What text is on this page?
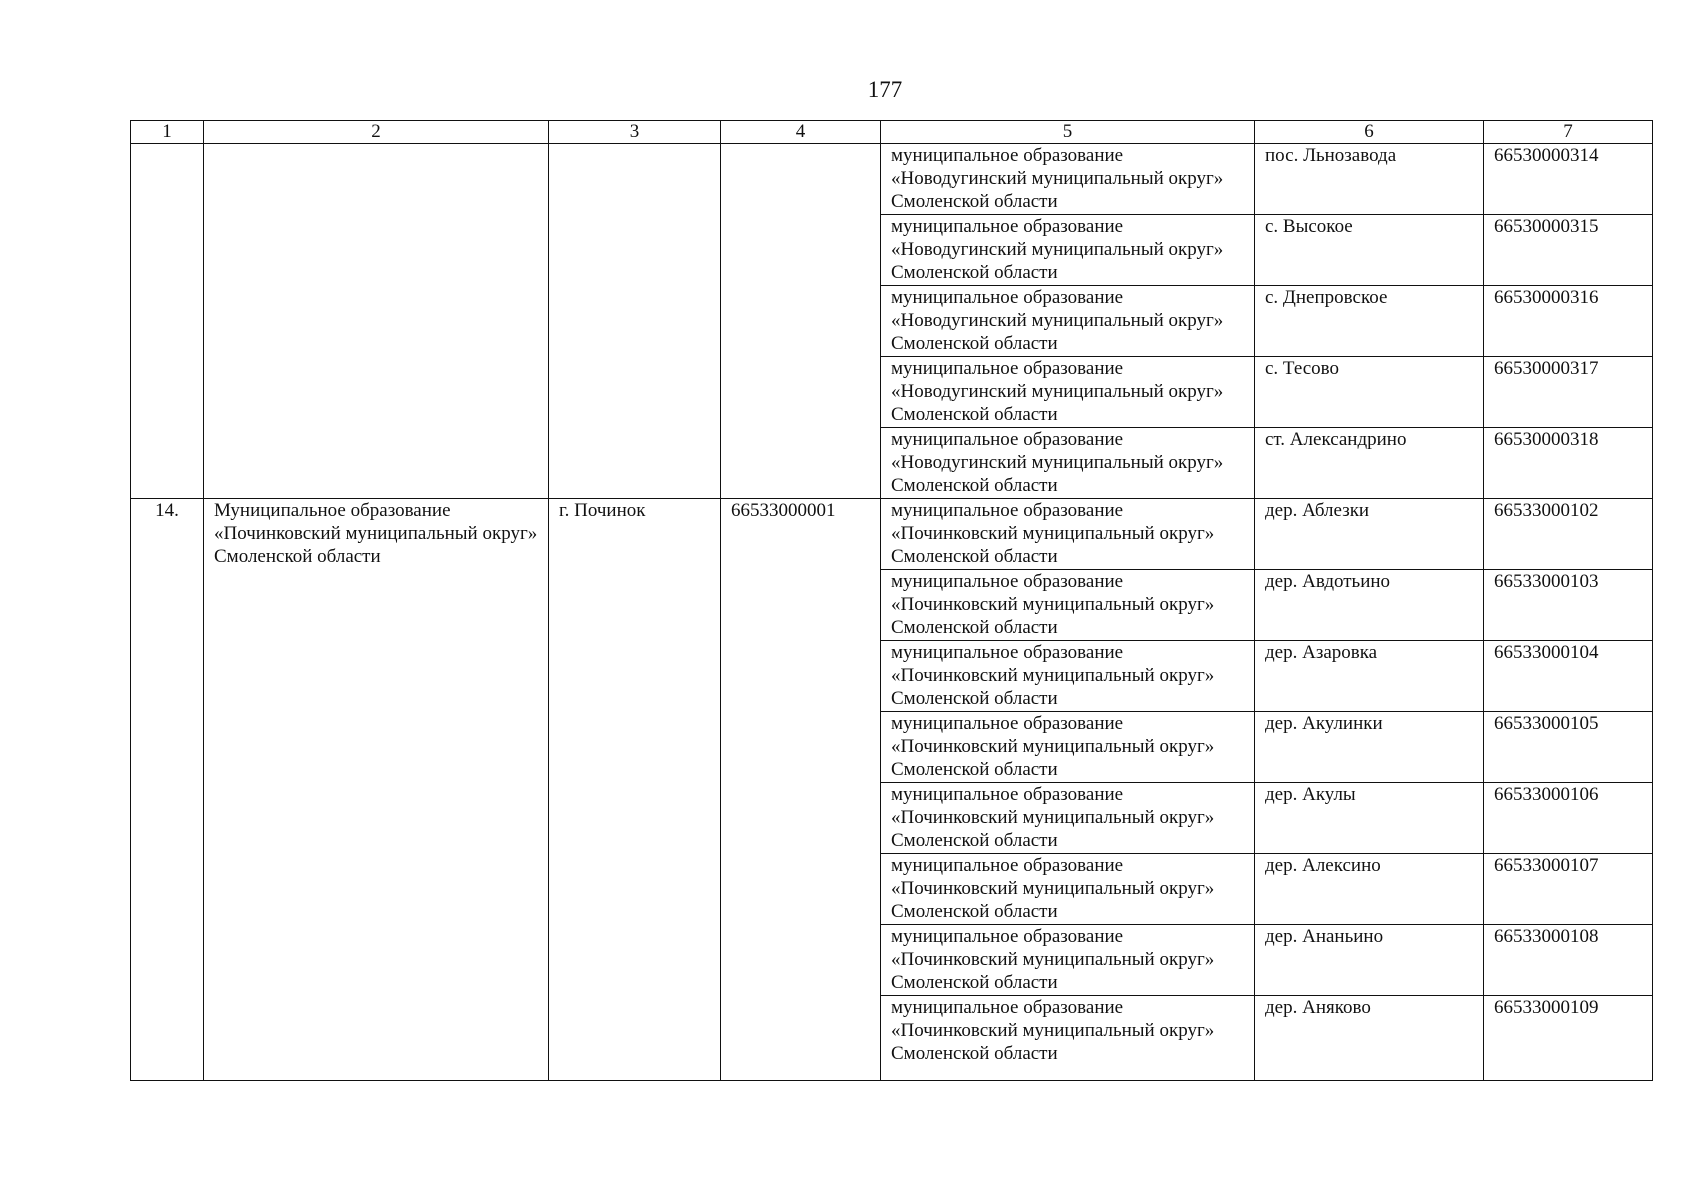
177
1	2	3	4	5	6	7
				муниципальное образование «Новодугинский муниципальный округ» Смоленской области	пос. Льнозавода	66530000314
				муниципальное образование «Новодугинский муниципальный округ» Смоленской области	с. Высокое	66530000315
				муниципальное образование «Новодугинский муниципальный округ» Смоленской области	с. Днепровское	66530000316
				муниципальное образование «Новодугинский муниципальный округ» Смоленской области	с. Тесово	66530000317
				муниципальное образование «Новодугинский муниципальный округ» Смоленской области	ст. Александрино	66530000318
14.	Муниципальное образование «Починковский муниципальный округ» Смоленской области	г. Починок	66533000001	муниципальное образование «Починковский муниципальный округ» Смоленской области	дер. Аблезки	66533000102
				муниципальное образование «Починковский муниципальный округ» Смоленской области	дер. Авдотьино	66533000103
				муниципальное образование «Починковский муниципальный округ» Смоленской области	дер. Азаровка	66533000104
				муниципальное образование «Починковский муниципальный округ» Смоленской области	дер. Акулинки	66533000105
				муниципальное образование «Починковский муниципальный округ» Смоленской области	дер. Акулы	66533000106
				муниципальное образование «Починковский муниципальный округ» Смоленской области	дер. Алексино	66533000107
				муниципальное образование «Починковский муниципальный округ» Смоленской области	дер. Ананьино	66533000108
				муниципальное образование «Починковский муниципальный округ» Смоленской области	дер. Аняково	66533000109
